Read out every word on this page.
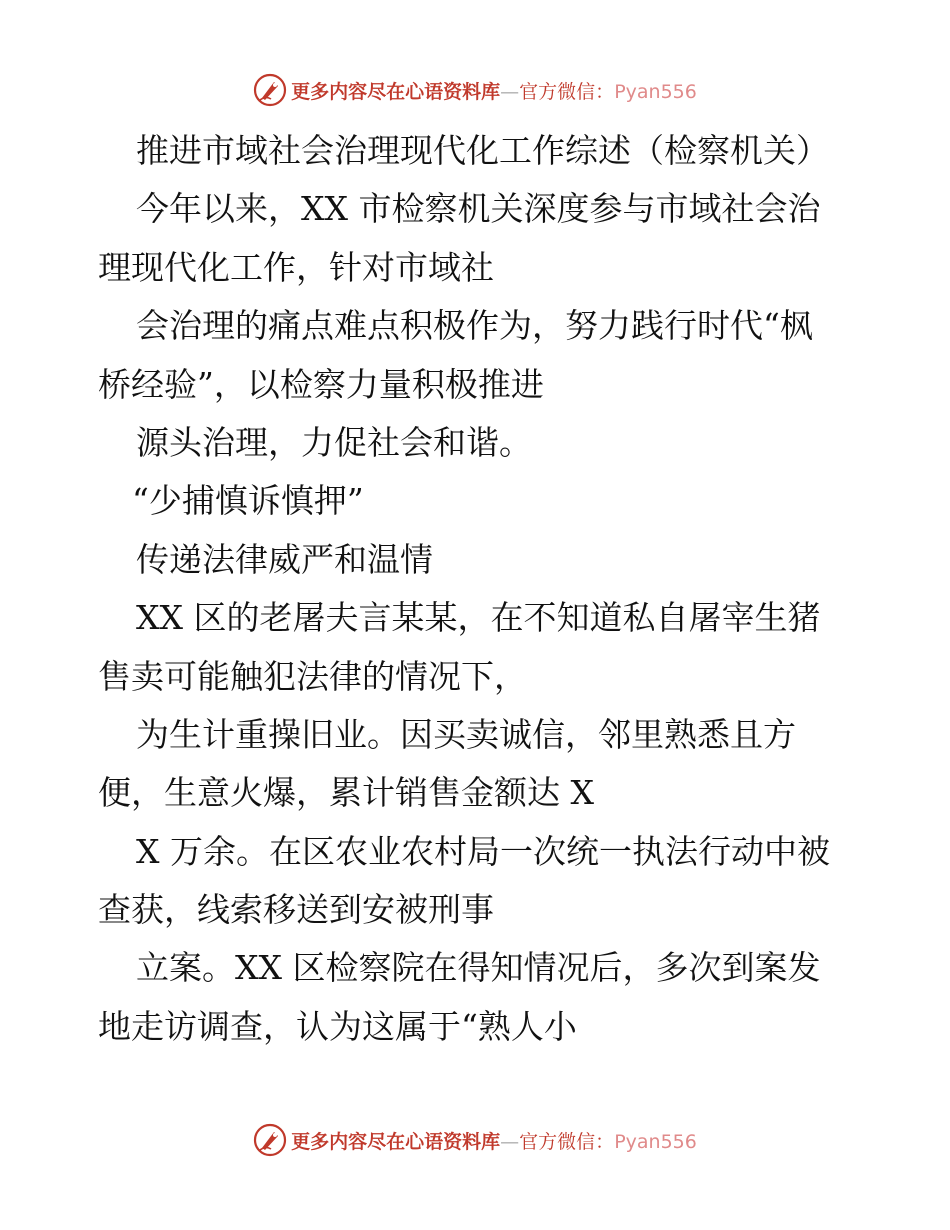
更多内容尽在心语资料库—官方微信：Pyan556
推进市域社会治理现代化工作综述（检察机关）
今年以来，XX 市检察机关深度参与市域社会治
理现代化工作，针对市域社
会治理的痛点难点积极作为，努力践行时代“枫
桥经验”，以检察力量积极推进
源头治理，力促社会和谐。
“少捕慎诉慎押”
传递法律威严和温情
XX 区的老屠夫言某某，在不知道私自屠宰生猪
售卖可能触犯法律的情况下，
为生计重操旧业。因买卖诚信，邻里熟悉且方
便，生意火爆，累计销售金额达 X
X 万余。在区农业农村局一次统一执法行动中被
查获，线索移送到安被刑事
立案。XX 区检察院在得知情况后，多次到案发
地走访调查，认为这属于“熟人小
更多内容尽在心语资料库—官方微信：Pyan556
